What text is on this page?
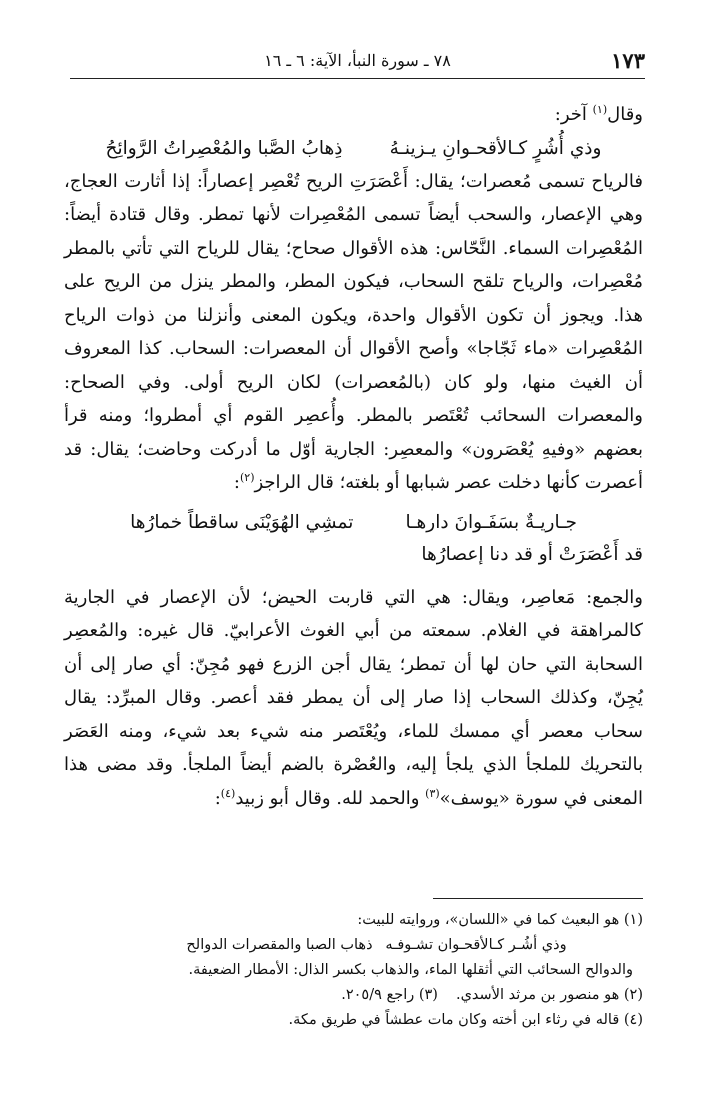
١٧٣
٧٨ ـ سورة النبأ، الآية: ٦ ـ ١٦

وقال$^{(١)}$ آخر:

وذي أُشُرٍ كـالأقحـوانِ يـزينـهُ
ذِهابُ الصَّبا والمُعْصِراتُ الرَّوائِحُ

فالرياح تسمى مُعصرات؛ يقال: أَعْصَرَتِ الريح تُعْصِر إعصاراً: إذا أثارت العجاج، وهي الإعصار، والسحب أيضاً تسمى المُعْصِرات لأنها تمطر. وقال قتادة أيضاً: المُعْصِرات السماء. النَّحّاس: هذه الأقوال صحاح؛ يقال للرياح التي تأتي بالمطر مُعْصِرات، والرياح تلقح السحاب، فيكون المطر، والمطر ينزل من الريح على هذا. ويجوز أن تكون الأقوال واحدة، ويكون المعنى وأنزلنا من ذوات الرياح المُعْصِرات «ماء ثَجّاجا» وأصح الأقوال أن المعصرات: السحاب. كذا المعروف أن الغيث منها، ولو كان (بالمُعصرات) لكان الريح أولى. وفي الصحاح: والمعصرات السحائب تُعْتَصر بالمطر. وأُعصِر القوم أي أمطروا؛ ومنه قرأ بعضهم «وفيهِ يُعْصَرون» والمعصِر: الجارية أوّل ما أدركت وحاضت؛ يقال: قد أعصرت كأنها دخلت عصر شبابها أو بلغته؛ قال الراجز$^{(٢)}$:

جـاريـةٌ بسَفَـوانَ دارهـا
تمشِي الهُوَيْنَى ساقطاً خمارُها
قد أَعْصَرَتْ أو قد دنا إعصارُها

والجمع: مَعاصِر، ويقال: هي التي قاربت الحيض؛ لأن الإعصار في الجارية كالمراهقة في الغلام. سمعته من أبي الغوث الأعرابيّ. قال غيره: والمُعصِر السحابة التي حان لها أن تمطر؛ يقال أجن الزرع فهو مُجِنّ: أي صار إلى أن يُجِنّ، وكذلك السحاب إذا صار إلى أن يمطر فقد أعصر. وقال المبرِّد: يقال سحاب معصر أي ممسك للماء، ويُعْتَصر منه شيء بعد شيء، ومنه العَصَر بالتحريك للملجأ الذي يلجأ إليه، والعُصْرة بالضم أيضاً الملجأ. وقد مضى هذا المعنى في سورة «يوسف»$^{(٣)}$ والحمد لله. وقال أبو زبيد$^{(٤)}$:

(١) هو البعيث كما في «اللسان»، وروايته للبيت:

وذي أشُـر كـالأقحـوان تشـوفـه
ذهاب الصبا والمقصرات الدوالح

والدوالح السحائب التي أثقلها الماء، والذهاب بكسر الذال: الأمطار الضعيفة.

(٢) هو منصور بن مرثد الأسدي.(٣) راجع ٢٠٥/٩.

(٤) قاله في رثاء ابن أخته وكان مات عطشاً في طريق مكة.
